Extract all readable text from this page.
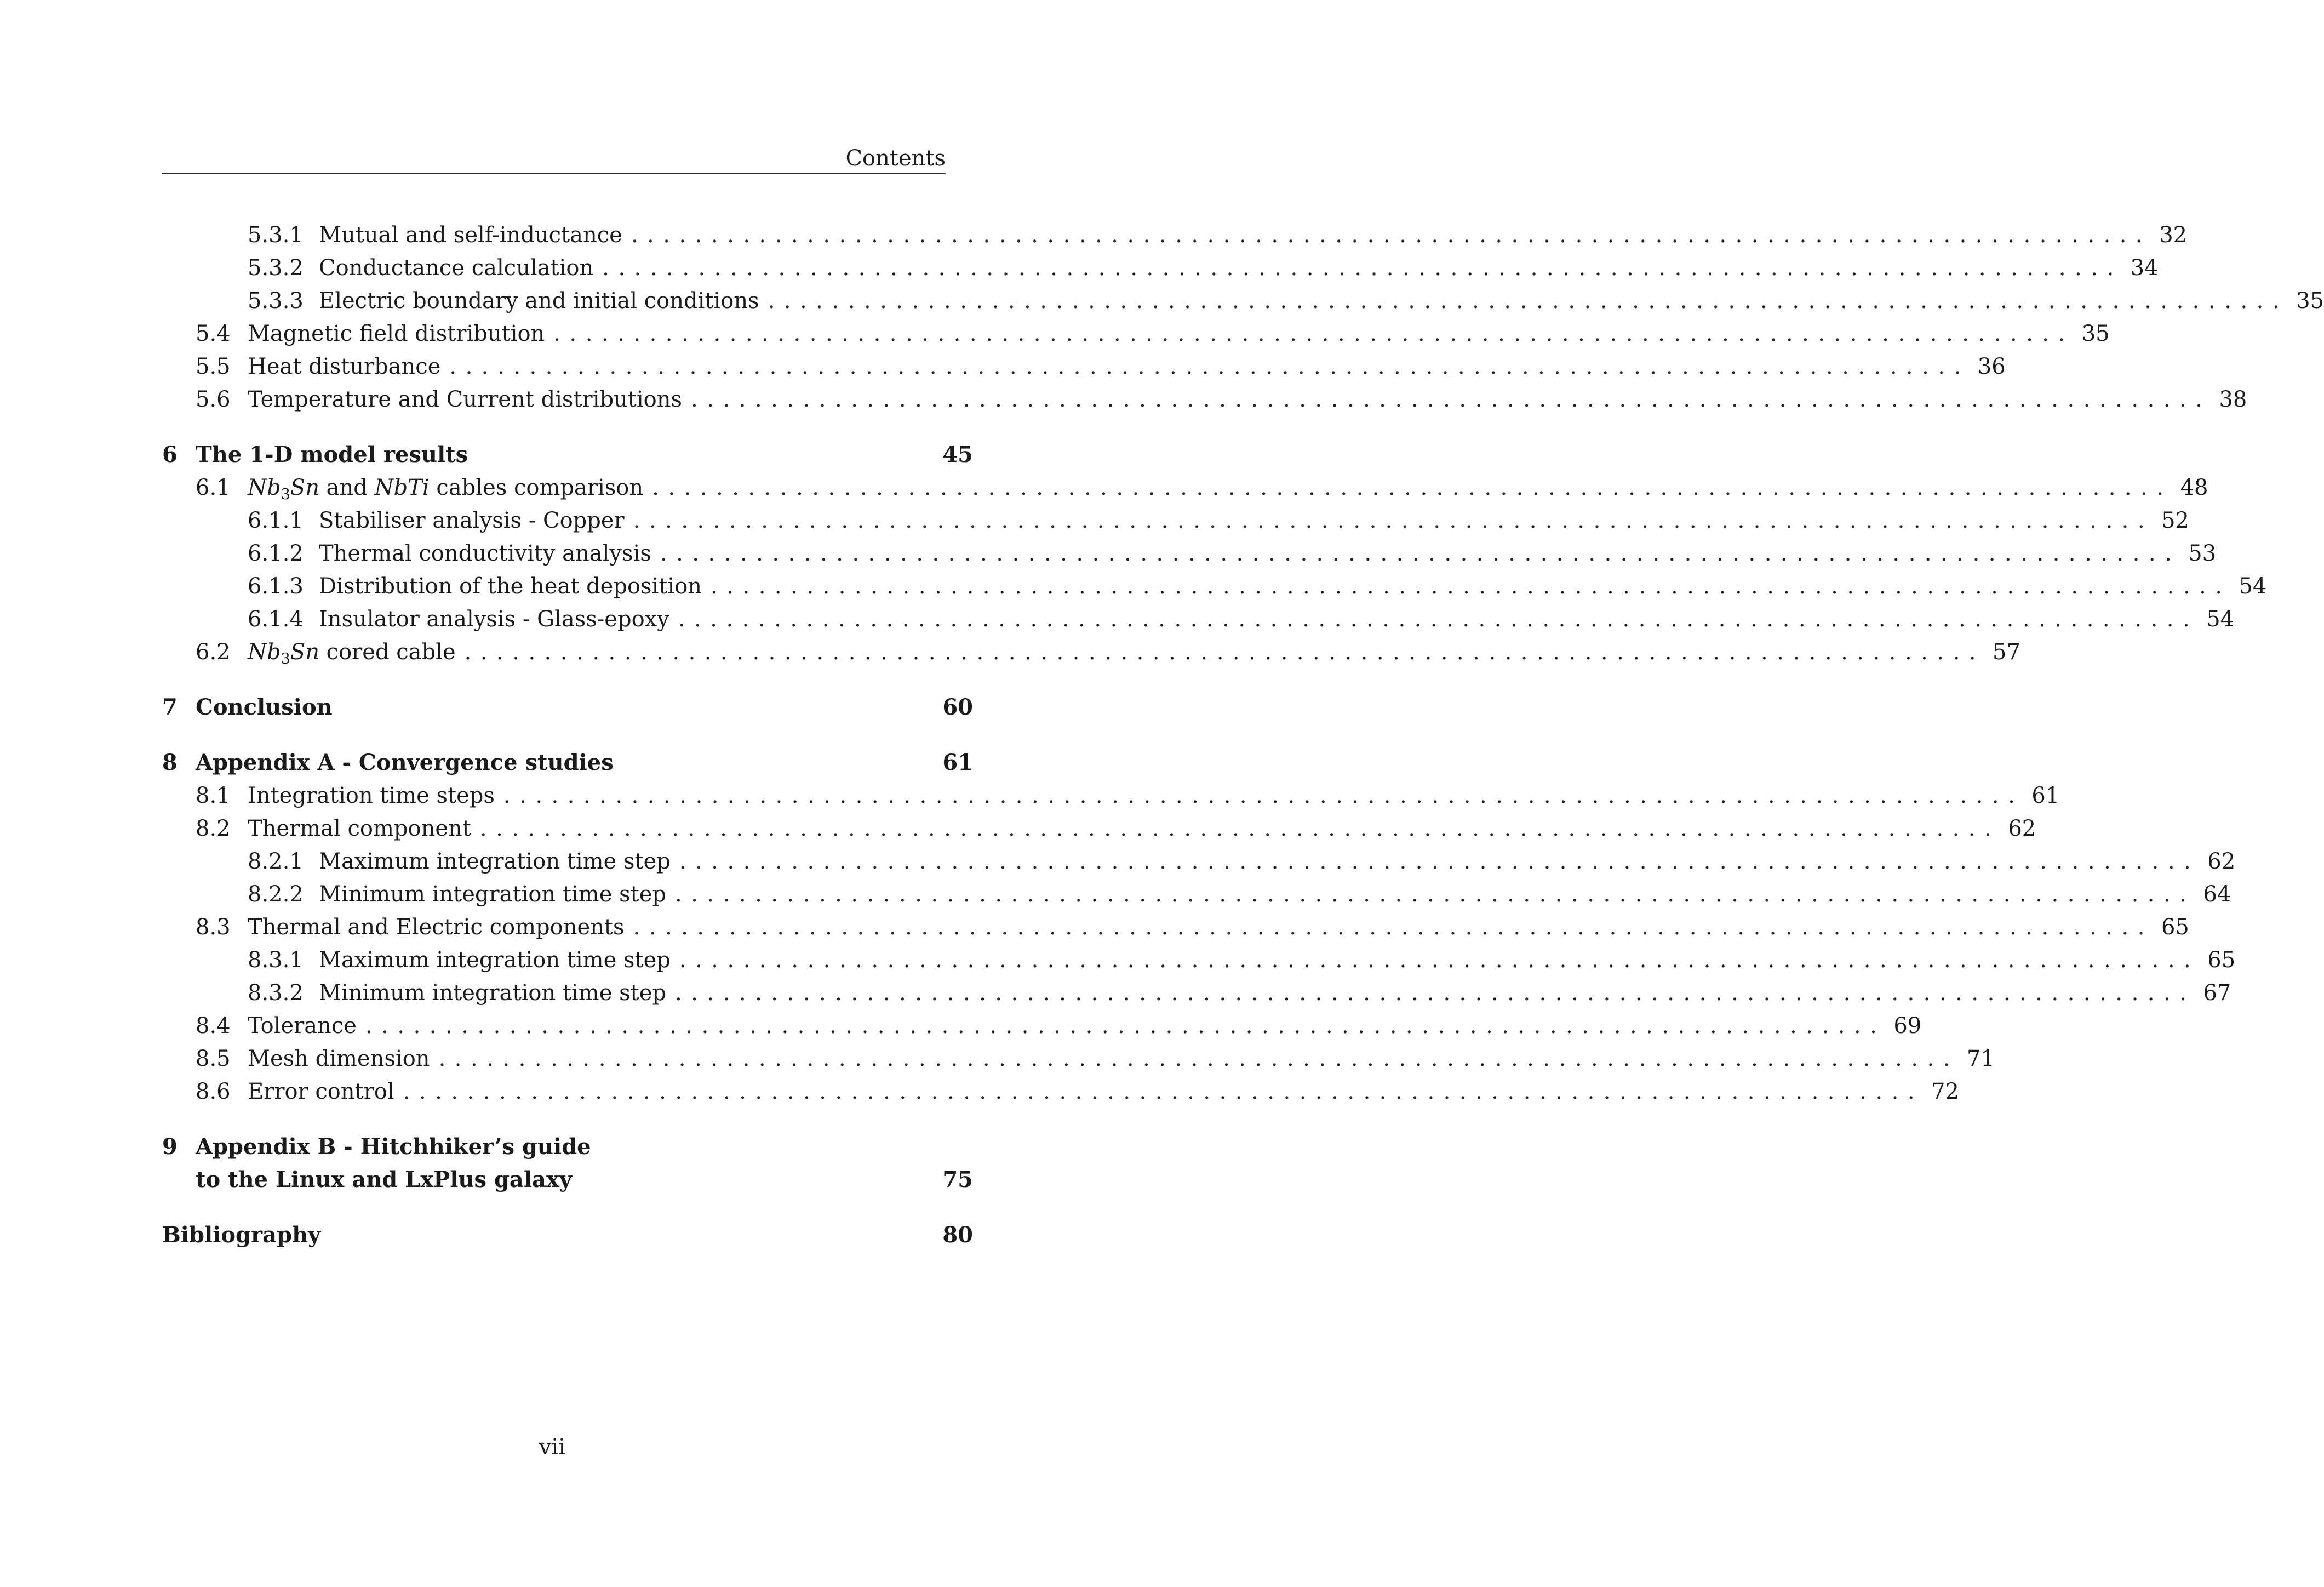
Contents
5.3.1 Mutual and self-inductance ............................................................................................... 32
5.3.2 Conductance calculation ............................................................................................... 34
5.3.3 Electric boundary and initial conditions ............................................................................................... 35
5.4 Magnetic field distribution ............................................................................................... 35
5.5 Heat disturbance ............................................................................................... 36
5.6 Temperature and Current distributions ............................................................................................... 38
6 The 1-D model results	45
6.1 $Nb_3Sn$ and NbTi cables comparison ............................................................................................... 48
6.1.1 Stabiliser analysis - Copper ............................................................................................... 52
6.1.2 Thermal conductivity analysis ............................................................................................... 53
6.1.3 Distribution of the heat deposition ............................................................................................... 54
6.1.4 Insulator analysis - Glass-epoxy ............................................................................................... 54
6.2 $Nb_3Sn$ cored cable ............................................................................................... 57
7 Conclusion	60
8 Appendix A - Convergence studies	61
8.1 Integration time steps ............................................................................................... 61
8.2 Thermal component ............................................................................................... 62
8.2.1 Maximum integration time step ............................................................................................... 62
8.2.2 Minimum integration time step ............................................................................................... 64
8.3 Thermal and Electric components ............................................................................................... 65
8.3.1 Maximum integration time step ............................................................................................... 65
8.3.2 Minimum integration time step ............................................................................................... 67
8.4 Tolerance ............................................................................................... 69
8.5 Mesh dimension ............................................................................................... 71
8.6 Error control ............................................................................................... 72
9 Appendix B - Hitchhiker’s guide
to the Linux and LxPlus galaxy	75
Bibliography	80
vii
